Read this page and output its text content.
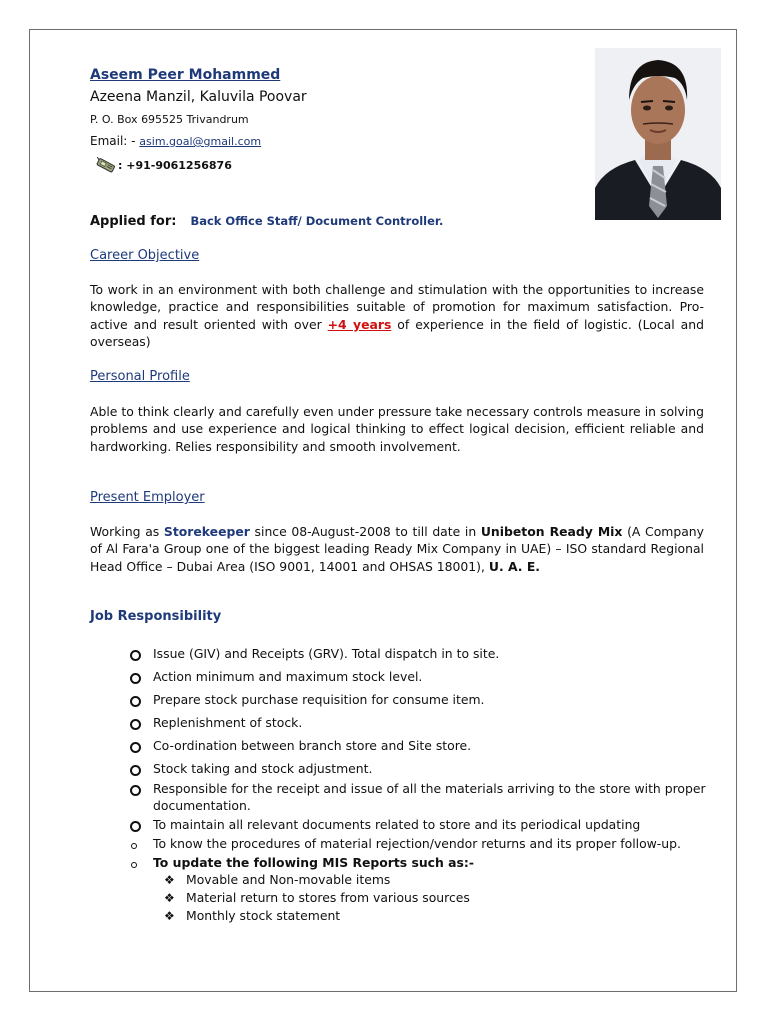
Aseem Peer Mohammed
Azeena Manzil, Kaluvila Poovar
P. O. Box 695525 Trivandrum
Email: - asim.goal@gmail.com
: +91-9061256876
Applied for: Back Office Staff/ Document Controller.
Career Objective
To work in an environment with both challenge and stimulation with the opportunities to increase knowledge, practice and responsibilities suitable of promotion for maximum satisfaction. Pro-active and result oriented with over +4 years of experience in the field of logistic. (Local and overseas)
Personal Profile
Able to think clearly and carefully even under pressure take necessary controls measure in solving problems and use experience and logical thinking to effect logical decision, efficient reliable and hardworking. Relies responsibility and smooth involvement.
Present Employer
Working as Storekeeper since 08-August-2008 to till date in Unibeton Ready Mix (A Company of Al Fara'a Group one of the biggest leading Ready Mix Company in UAE) – ISO standard Regional Head Office – Dubai Area (ISO 9001, 14001 and OHSAS 18001), U. A. E.
Job Responsibility
Issue (GIV) and Receipts (GRV). Total dispatch in to site.
Action minimum and maximum stock level.
Prepare stock purchase requisition for consume item.
Replenishment of stock.
Co-ordination between branch store and Site store.
Stock taking and stock adjustment.
Responsible for the receipt and issue of all the materials arriving to the store with proper documentation.
To maintain all relevant documents related to store and its periodical updating
To know the procedures of material rejection/vendor returns and its proper follow-up.
To update the following MIS Reports such as:-
❖ Movable and Non-movable items
❖ Material return to stores from various sources
❖ Monthly stock statement
